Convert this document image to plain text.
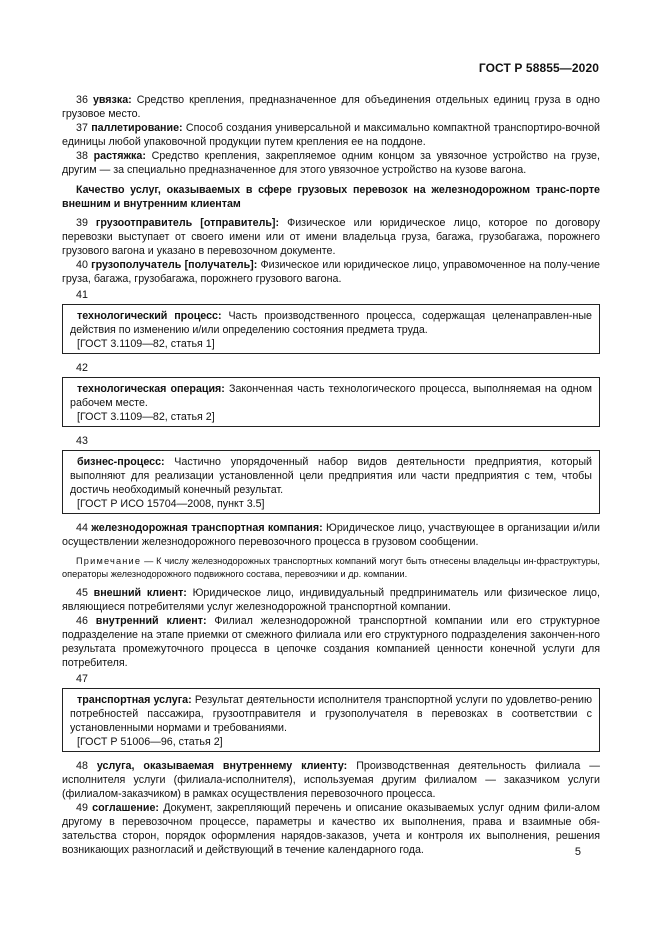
ГОСТ Р 58855—2020

36 увязка: Средство крепления, предназначенное для объединения отдельных единиц груза в одно грузовое место.

37 паллетирование: Способ создания универсальной и максимально компактной транспортиро-вочной единицы любой упаковочной продукции путем крепления ее на поддоне.

38 растяжка: Средство крепления, закрепляемое одним концом за увязочное устройство на грузе, другим — за специально предназначенное для этого увязочное устройство на кузове вагона.

Качество услуг, оказываемых в сфере грузовых перевозок на железнодорожном транс-порте внешним и внутренним клиентам

39 грузоотправитель [отправитель]: Физическое или юридическое лицо, которое по договору перевозки выступает от своего имени или от имени владельца груза, багажа, грузобагажа, порожнего грузового вагона и указано в перевозочном документе.

40 грузополучатель [получатель]: Физическое или юридическое лицо, управомоченное на полу-чение груза, багажа, грузобагажа, порожнего грузового вагона.

41

технологический процесс: Часть производственного процесса, содержащая целенаправлен-ные действия по изменению и/или определению состояния предмета труда.

[ГОСТ 3.1109—82, статья 1]
42

технологическая операция: Законченная часть технологического процесса, выполняемая на одном рабочем месте.

[ГОСТ 3.1109—82, статья 2]
43

бизнес-процесс: Частично упорядоченный набор видов деятельности предприятия, который выполняют для реализации установленной цели предприятия или части предприятия с тем, чтобы достичь необходимый конечный результат.

[ГОСТ Р ИСО 15704—2008, пункт 3.5]

44 железнодорожная транспортная компания: Юридическое лицо, участвующее в организации и/или осуществлении железнодорожного перевозочного процесса в грузовом сообщении.

Примечание — К числу железнодорожных транспортных компаний могут быть отнесены владельцы ин-фраструктуры, операторы железнодорожного подвижного состава, перевозчики и др. компании.

45 внешний клиент: Юридическое лицо, индивидуальный предприниматель или физическое лицо, являющиеся потребителями услуг железнодорожной транспортной компании.

46 внутренний клиент: Филиал железнодорожной транспортной компании или его структурное подразделение на этапе приемки от смежного филиала или его структурного подразделения закончен-ного результата промежуточного процесса в цепочке создания компанией ценности конечной услуги для потребителя.

47

транспортная услуга: Результат деятельности исполнителя транспортной услуги по удовлетво-рению потребностей пассажира, грузоотправителя и грузополучателя в перевозках в соответствии с установленными нормами и требованиями.

[ГОСТ Р 51006—96, статья 2]

48 услуга, оказываемая внутреннему клиенту: Производственная деятельность филиала — исполнителя услуги (филиала-исполнителя), используемая другим филиалом — заказчиком услуги (филиалом-заказчиком) в рамках осуществления перевозочного процесса.

49 соглашение: Документ, закрепляющий перечень и описание оказываемых услуг одним фили-алом другому в перевозочном процессе, параметры и качество их выполнения, права и взаимные обя-зательства сторон, порядок оформления нарядов-заказов, учета и контроля их выполнения, решения возникающих разногласий и действующий в течение календарного года.	5
